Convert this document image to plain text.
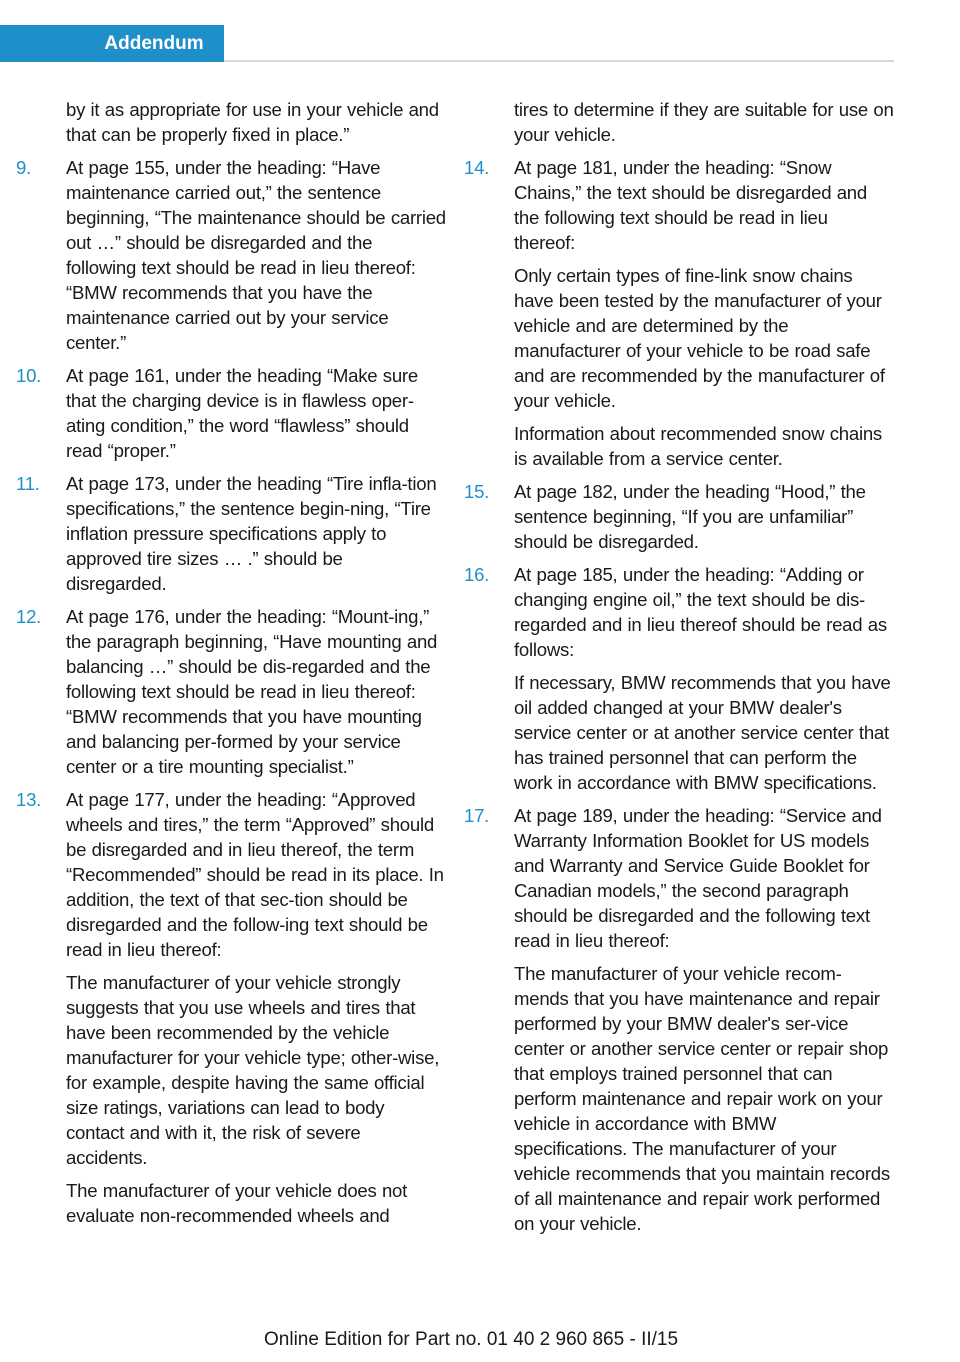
Addendum

by it as appropriate for use in your vehicle and that can be properly fixed in place.”

9.	At page 155, under the heading: “Have maintenance carried out,” the sentence beginning, “The maintenance should be carried out …” should be disregarded and the following text should be read in lieu thereof: “BMW recommends that you have the maintenance carried out by your service center.”

10.	At page 161, under the heading “Make sure that the charging device is in flawless oper-ating condition,” the word “flawless” should read “proper.”

11.	At page 173, under the heading “Tire infla-tion specifications,” the sentence begin-ning, “Tire inflation pressure specifications apply to approved tire sizes … .” should be disregarded.

12.	At page 176, under the heading: “Mount-ing,” the paragraph beginning, “Have mounting and balancing …” should be dis-regarded and the following text should be read in lieu thereof: “BMW recommends that you have mounting and balancing per-formed by your service center or a tire mounting specialist.”

13.	At page 177, under the heading: “Approved wheels and tires,” the term “Approved” should be disregarded and in lieu thereof, the term “Recommended” should be read in its place. In addition, the text of that sec-tion should be disregarded and the follow-ing text should be read in lieu thereof:

The manufacturer of your vehicle strongly suggests that you use wheels and tires that have been recommended by the vehicle manufacturer for your vehicle type; other-wise, for example, despite having the same official size ratings, variations can lead to body contact and with it, the risk of severe accidents.

The manufacturer of your vehicle does not evaluate non-recommended wheels and

tires to determine if they are suitable for use on your vehicle.

14.	At page 181, under the heading: “Snow Chains,” the text should be disregarded and the following text should be read in lieu thereof:

Only certain types of fine-link snow chains have been tested by the manufacturer of your vehicle and are determined by the manufacturer of your vehicle to be road safe and are recommended by the manufacturer of your vehicle.

Information about recommended snow chains is available from a service center.

15.	At page 182, under the heading “Hood,” the sentence beginning, “If you are unfamiliar” should be disregarded.

16.	At page 185, under the heading: “Adding or changing engine oil,” the text should be dis-regarded and in lieu thereof should be read as follows:

If necessary, BMW recommends that you have oil added changed at your BMW dealer's service center or at another service center that has trained personnel that can perform the work in accordance with BMW specifications.

17.	At page 189, under the heading: “Service and Warranty Information Booklet for US models and Warranty and Service Guide Booklet for Canadian models,” the second paragraph should be disregarded and the following text read in lieu thereof:

The manufacturer of your vehicle recom-mends that you have maintenance and repair performed by your BMW dealer's ser-vice center or another service center or repair shop that employs trained personnel that can perform maintenance and repair work on your vehicle in accordance with BMW specifications. The manufacturer of your vehicle recommends that you maintain records of all maintenance and repair work performed on your vehicle.

Online Edition for Part no. 01 40 2 960 865 - II/15
